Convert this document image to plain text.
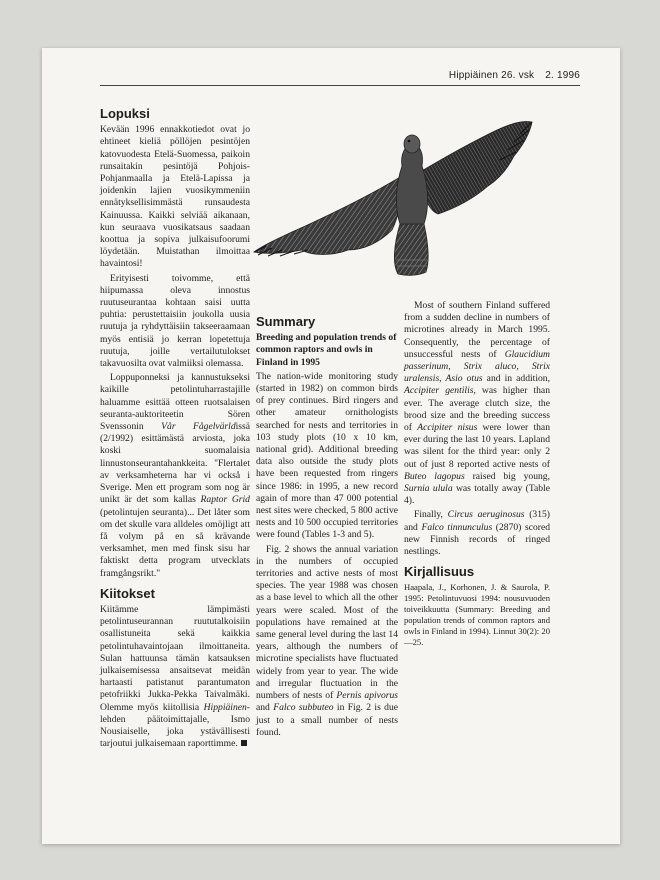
Hippiäinen 26. vsk 2. 1996
Lopuksi

Kevään 1996 ennakkotiedot ovat jo ehtineet kieliä pöllöjen pesintöjen katovuodesta Etelä-Suomessa, paikoin runsaitakin pesintöjä Pohjois-Pohjanmaalla ja Etelä-Lapissa ja joidenkin lajien vuosikymmeniin ennätyksellisimmästä runsaudesta Kainuussa. Kaikki selviää aikanaan, kun seuraava vuosikatsaus saadaan koottua ja sopiva julkaisufoorumi löydetään. Muistathan ilmoittaa havaintosi!

Erityisesti toivomme, että hiipumassa oleva innostus ruutuseurantaa kohtaan saisi uutta puhtia: perustettaisiin joukolla uusia ruutuja ja ryhdyttäisiin takseeraamaan myös entisiä jo kerran lopetettuja ruutuja, joille vertailutulokset takavuosilta ovat valmiiksi olemassa.

Loppuponneksi ja kannustukseksi kaikille petolintuharrastajille haluamme esittää otteen ruotsalaisen seuranta-auktoriteetin Sören Svenssonin Vår Fågelvärldissä (2/1992) esittämästä arviosta, joka koski suomalaisia linnustonseurantahankkeita. "Flertalet av verksamheterna har vi också i Sverige. Men ett program som nog är unikt är det som kallas Raptor Grid (petolintujen seuranta)... Det låter som om det skulle vara alldeles omöjligt att få volym på en så krävande verksamhet, men med finsk sisu har faktiskt detta program utvecklats framgångsrikt."

Kiitokset

Kiitämme lämpimästi petolintuseurannan ruututalkoisiin osallistuneita sekä kaikkia petolintuhavaintojaan ilmoittaneita. Sulan hattuunsa tämän katsauksen julkaisemisessa ansaitsevat meidän hartaasti patistanut parantumaton petofriikki Jukka-Pekka Taivalmäki. Olemme myös kiitollisia Hippiäinen-lehden päätoimittajalle, Ismo Nousiaiselle, joka ystävällisesti tarjoutui julkaisemaan raporttimme.

Summary
Breeding and population trends of common raptors and owls in Finland in 1995

The nation-wide monitoring study (started in 1982) on common birds of prey continues. Bird ringers and other amateur ornithologists searched for nests and territories in 103 study plots (10 x 10 km, national grid). Additional breeding data also outside the study plots have been requested from ringers since 1986: in 1995, a new record again of more than 47 000 potential nest sites were checked, 5 800 active nests and 10 500 occupied territories were found (Tables 1-3 and 5).

Fig. 2 shows the annual variation in the numbers of occupied territories and active nests of most species. The year 1988 was chosen as a base level to which all the other years were scaled. Most of the populations have remained at the same general level during the last 14 years, although the numbers of microtine specialists have fluctuated widely from year to year. The wide and irregular fluctuation in the numbers of nests of Pernis apivorus and Falco subbuteo in Fig. 2 is due just to a small number of nests found.

Most of southern Finland suffered from a sudden decline in numbers of microtines already in March 1995. Consequently, the percentage of unsuccessful nests of Glaucidium passerinum, Strix aluco, Strix uralensis, Asio otus and in addition, Accipiter gentilis, was higher than ever. The average clutch size, the brood size and the breeding success of Accipiter nisus were lower than ever during the last 10 years. Lapland was silent for the third year: only 2 out of just 8 reported active nests of Buteo lagopus raised big young, Surnia ulula was totally away (Table 4).

Finally, Circus aeruginosus (315) and Falco tinnunculus (2870) scored new Finnish records of ringed nestlings.

Kirjallisuus

Haapala, J., Korhonen, J. & Saurola, P. 1995: Petolintuvuosi 1994: nousuvuoden toiveikkuutta (Summary: Breeding and population trends of common raptors and owls in Finland in 1994). Linnut 30(2): 20—25.
